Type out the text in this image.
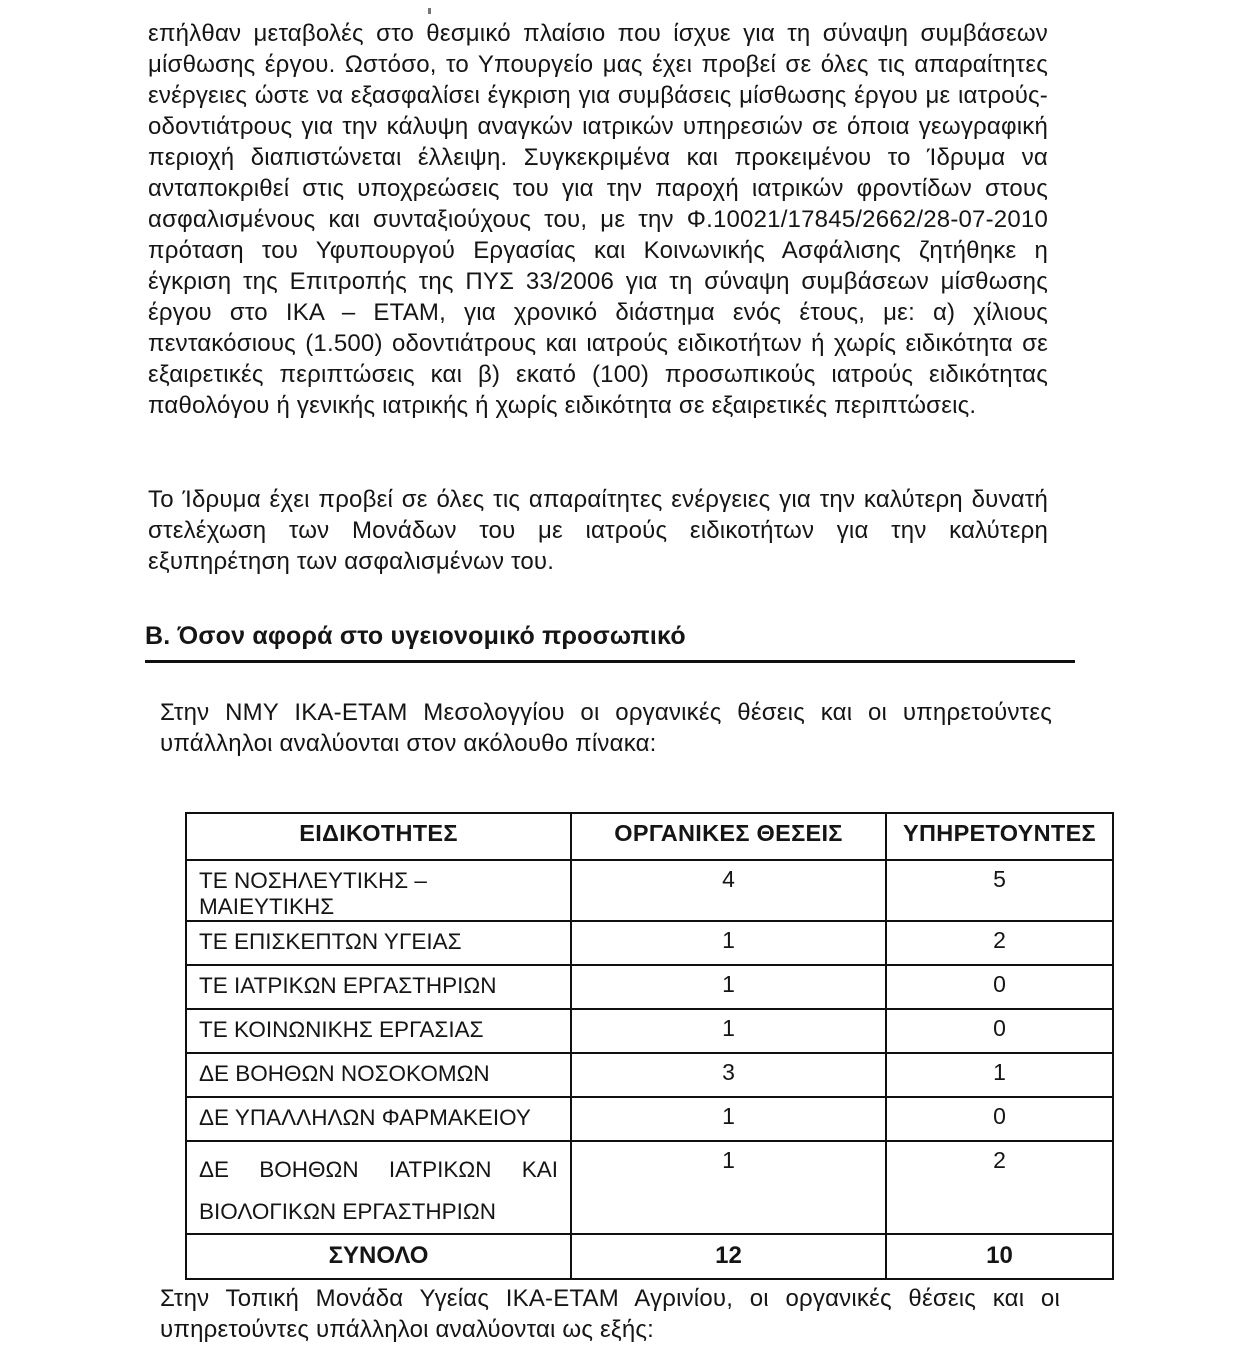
επήλθαν μεταβολές στο θεσμικό πλαίσιο που ίσχυε για τη σύναψη συμβάσεων μίσθωσης έργου. Ωστόσο, το Υπουργείο μας έχει προβεί σε όλες τις απαραίτητες ενέργειες ώστε να εξασφαλίσει έγκριση για συμβάσεις μίσθωσης έργου με ιατρούς-οδοντιάτρους για την κάλυψη αναγκών ιατρικών υπηρεσιών σε όποια γεωγραφική περιοχή διαπιστώνεται έλλειψη. Συγκεκριμένα και προκειμένου το Ίδρυμα να ανταποκριθεί στις υποχρεώσεις του για την παροχή ιατρικών φροντίδων στους ασφαλισμένους και συνταξιούχους του, με την Φ.10021/17845/2662/28-07-2010 πρόταση του Υφυπουργού Εργασίας και Κοινωνικής Ασφάλισης ζητήθηκε η έγκριση της Επιτροπής της ΠΥΣ 33/2006 για τη σύναψη συμβάσεων μίσθωσης έργου στο ΙΚΑ – ΕΤΑΜ, για χρονικό διάστημα ενός έτους, με: α) χίλιους πεντακόσιους (1.500) οδοντιάτρους και ιατρούς ειδικοτήτων ή χωρίς ειδικότητα σε εξαιρετικές περιπτώσεις και β) εκατό (100) προσωπικούς ιατρούς ειδικότητας παθολόγου ή γενικής ιατρικής ή χωρίς ειδικότητα σε εξαιρετικές περιπτώσεις.
Το Ίδρυμα έχει προβεί σε όλες τις απαραίτητες ενέργειες για την καλύτερη δυνατή στελέχωση των Μονάδων του με ιατρούς ειδικοτήτων για την καλύτερη εξυπηρέτηση των ασφαλισμένων του.
Β. Όσον αφορά στο υγειονομικό προσωπικό
Στην ΝΜΥ ΙΚΑ-ΕΤΑΜ Μεσολογγίου οι οργανικές θέσεις και οι υπηρετούντες υπάλληλοι αναλύονται στον ακόλουθο πίνακα:
ΕΙΔΙΚΟΤΗΤΕΣ	ΟΡΓΑΝΙΚΕΣ ΘΕΣΕΙΣ	ΥΠΗΡΕΤΟΥΝΤΕΣ
ΤΕ ΝΟΣΗΛΕΥΤΙΚΗΣ –ΜΑΙΕΥΤΙΚΗΣ	4	5
ΤΕ ΕΠΙΣΚΕΠΤΩΝ ΥΓΕΙΑΣ	1	2
ΤΕ ΙΑΤΡΙΚΩΝ ΕΡΓΑΣΤΗΡΙΩΝ	1	0
ΤΕ ΚΟΙΝΩΝΙΚΗΣ ΕΡΓΑΣΙΑΣ	1	0
ΔΕ ΒΟΗΘΩΝ ΝΟΣΟΚΟΜΩΝ	3	1
ΔΕ ΥΠΑΛΛΗΛΩΝ ΦΑΡΜΑΚΕΙΟΥ	1	0
ΔΕ ΒΟΗΘΩΝ ΙΑΤΡΙΚΩΝ ΚΑΙ ΒΙΟΛΟΓΙΚΩΝ ΕΡΓΑΣΤΗΡΙΩΝ	1	2
ΣΥΝΟΛΟ	12	10
Στην Τοπική Μονάδα Υγείας ΙΚΑ-ΕΤΑΜ Αγρινίου, οι οργανικές θέσεις και οι υπηρετούντες υπάλληλοι αναλύονται ως εξής:
